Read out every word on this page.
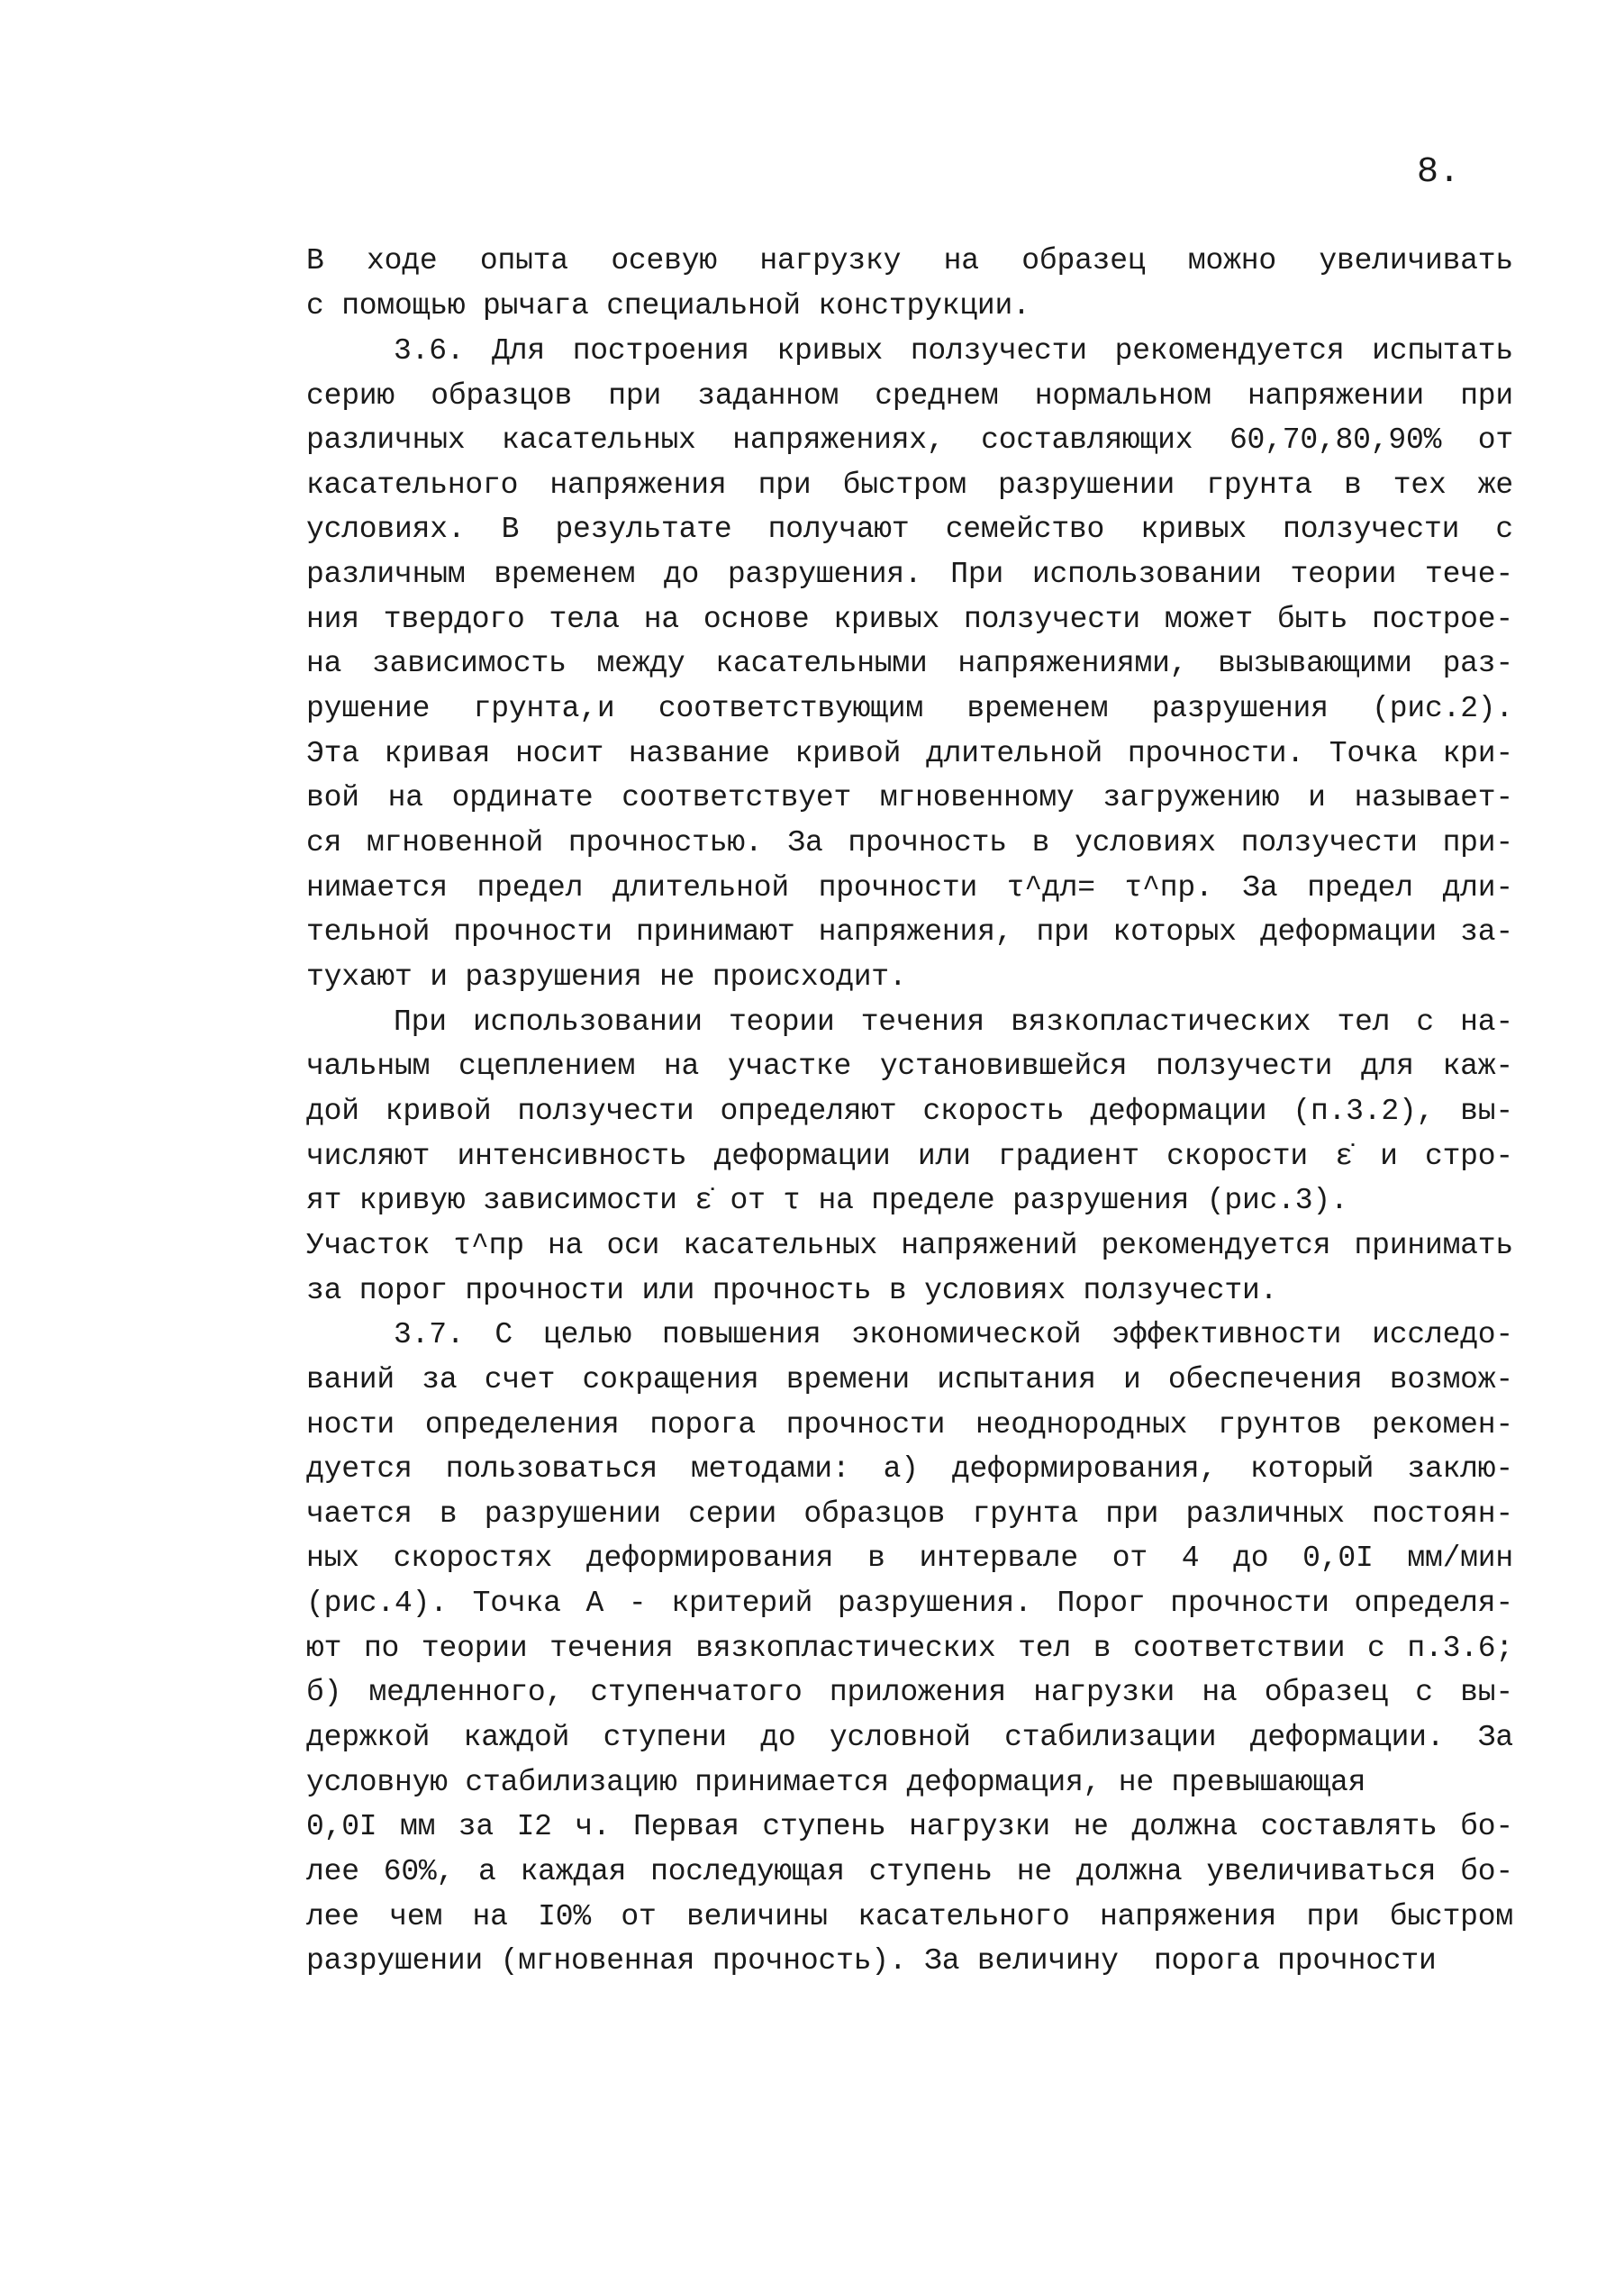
8.
В ходе опыта осевую нагрузку на образец можно увеличивать
с помощью рычага специальной конструкции.
3.6. Для построения кривых ползучести рекомендуется испытать
серию образцов при заданном среднем нормальном напряжении при
различных касательных напряжениях, составляющих 60,70,80,90% от
касательного напряжения при быстром разрушении грунта в тех же
условиях. В результате получают семейство кривых ползучести с
различным временем до разрушения. При использовании теории тече-
ния твердого тела на основе кривых ползучести может быть построе-
на зависимость между касательными напряжениями, вызывающими раз-
рушение грунта,и соответствующим временем разрушения (рис.2).
Эта кривая носит название кривой длительной прочности. Точка кри-
вой на ординате соответствует мгновенному загружению и называет-
ся мгновенной прочностью. За прочность в условиях ползучести при-
нимается предел длительной прочности τ^дл= τ^пр. За предел дли-
тельной прочности принимают напряжения, при которых деформации за-
тухают и разрушения не происходит.
При использовании теории течения вязкопластических тел с на-
чальным сцеплением на участке установившейся ползучести для каж-
дой кривой ползучести определяют скорость деформации (п.3.2), вы-
числяют интенсивность деформации или градиент скорости ε̇ и стро-
ят кривую зависимости ε̇ от τ на пределе разрушения (рис.3).
Участок τ^пр на оси касательных напряжений рекомендуется принимать
за порог прочности или прочность в условиях ползучести.
3.7. С целью повышения экономической эффективности исследо-
ваний за счет сокращения времени испытания и обеспечения возмож-
ности определения порога прочности неоднородных грунтов рекомен-
дуется пользоваться методами: а) деформирования, который заклю-
чается в разрушении серии образцов грунта при различных постоян-
ных скоростях деформирования в интервале от 4 до 0,0I мм/мин
(рис.4). Точка А - критерий разрушения. Порог прочности определя-
ют по теории течения вязкопластических тел в соответствии с п.3.6;
б) медленного, ступенчатого приложения нагрузки на образец с вы-
держкой каждой ступени до условной стабилизации деформации. За
условную стабилизацию принимается деформация, не превышающая
0,0I мм за I2 ч. Первая ступень нагрузки не должна составлять бо-
лее 60%, а каждая последующая ступень не должна увеличиваться бо-
лее чем на I0% от величины касательного напряжения при быстром
разрушении (мгновенная прочность). За величину  порога прочности
